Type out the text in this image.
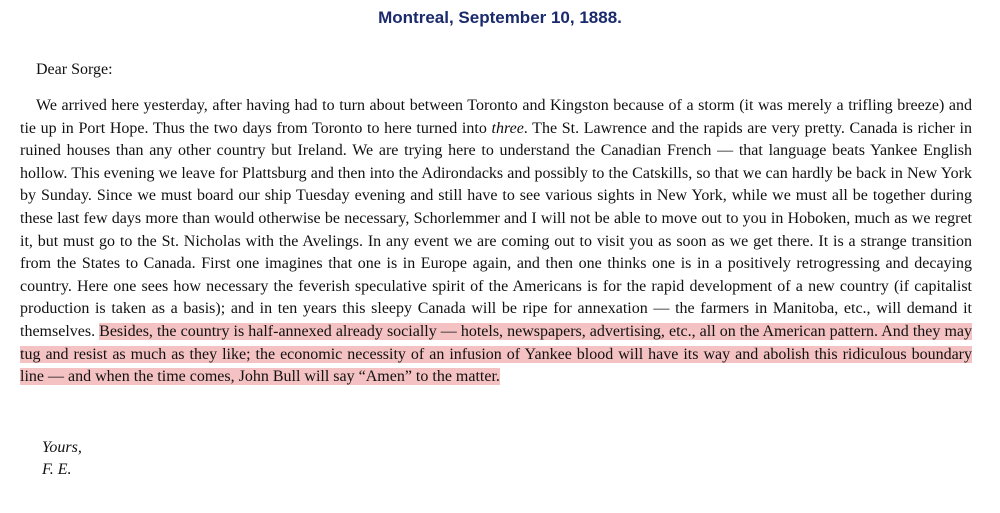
Montreal, September 10, 1888.

Dear Sorge:

We arrived here yesterday, after having had to turn about between Toronto and Kingston because of a storm (it was merely a trifling breeze) and tie up in Port Hope. Thus the two days from Toronto to here turned into three. The St. Lawrence and the rapids are very pretty. Canada is richer in ruined houses than any other country but Ireland. We are trying here to understand the Canadian French — that language beats Yankee English hollow. This evening we leave for Plattsburg and then into the Adirondacks and possibly to the Catskills, so that we can hardly be back in New York by Sunday. Since we must board our ship Tuesday evening and still have to see various sights in New York, while we must all be together during these last few days more than would otherwise be necessary, Schorlemmer and I will not be able to move out to you in Hoboken, much as we regret it, but must go to the St. Nicholas with the Avelings. In any event we are coming out to visit you as soon as we get there. It is a strange transition from the States to Canada. First one imagines that one is in Europe again, and then one thinks one is in a positively retrogressing and decaying country. Here one sees how necessary the feverish speculative spirit of the Americans is for the rapid development of a new country (if capitalist production is taken as a basis); and in ten years this sleepy Canada will be ripe for annexation — the farmers in Manitoba, etc., will demand it themselves. Besides, the country is half-annexed already socially — hotels, newspapers, advertising, etc., all on the American pattern. And they may tug and resist as much as they like; the economic necessity of an infusion of Yankee blood will have its way and abolish this ridiculous boundary line — and when the time comes, John Bull will say “Amen” to the matter.

Yours,
F. E.
